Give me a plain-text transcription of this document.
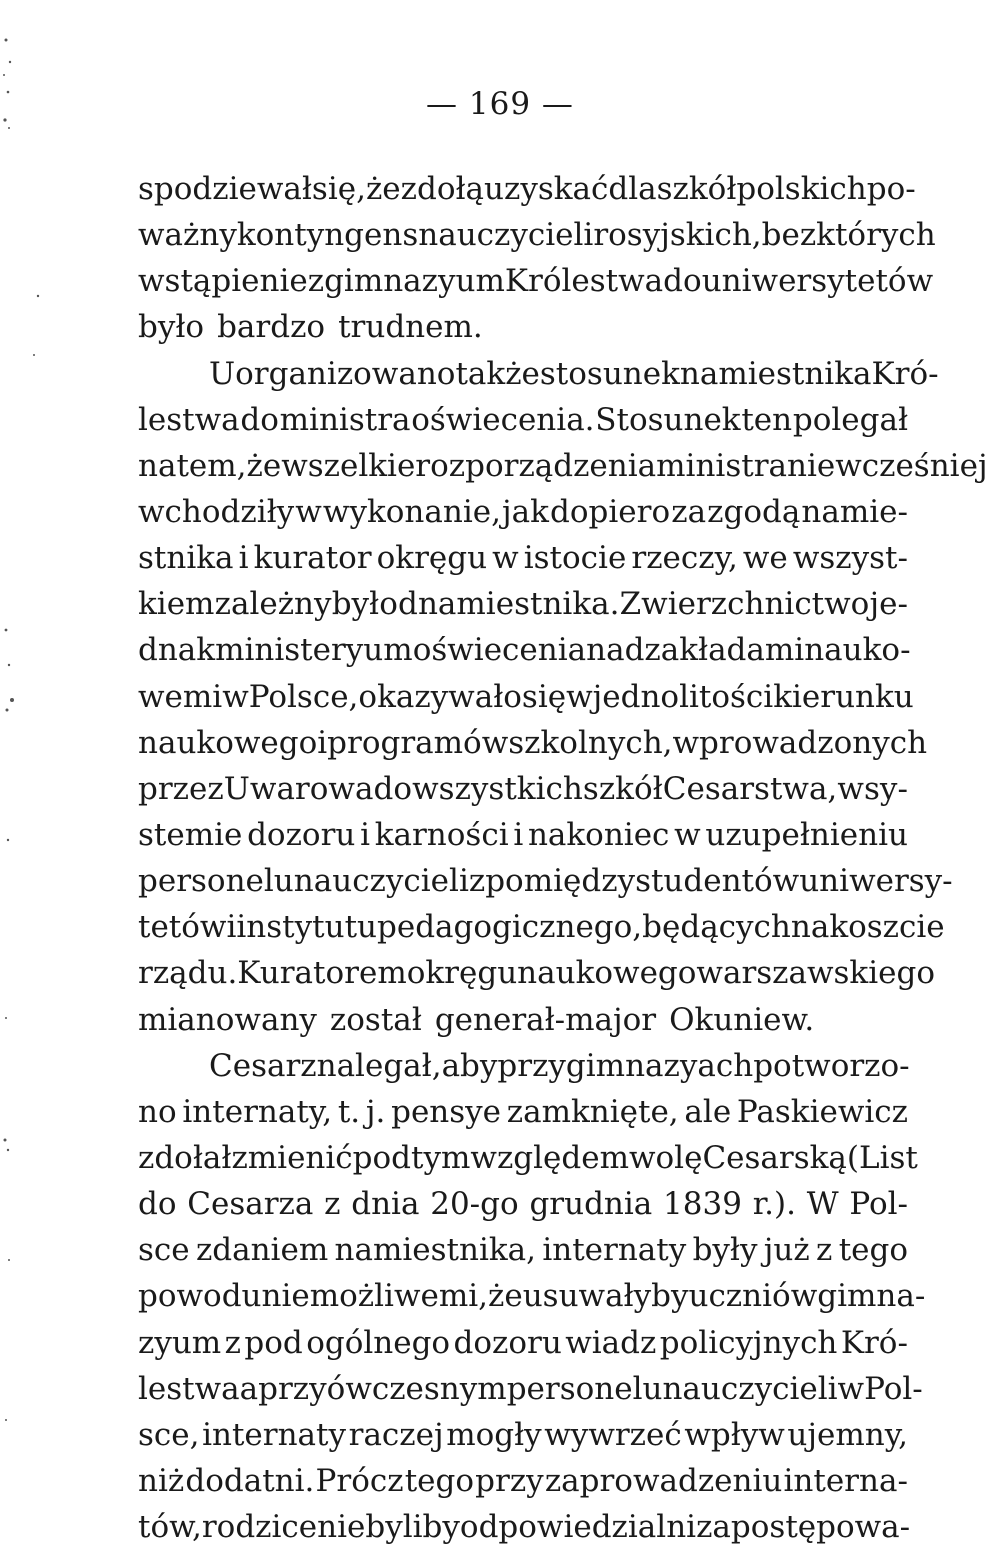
— 169 —
spodziewał się, że zdołą uzyskać dla szkół polskich po-
ważny kontyngens nauczycieli rosyjskich, bez których
wstąpienie z gimnazyum Królestwa do uniwersytetów
było bardzo trudnem.
Uorganizowano także stosunek namiestnika Kró-
lestwa do ministra oświecenia. Stosunek ten polegał
na tem, że wszelkie rozporządzenia ministra nie wcześniej
wchodziły w wykonanie, jak dopiero za zgodą namie-
stnika i kurator okręgu w istocie rzeczy, we wszyst-
kiem zależny był od namiestnika. Zwierzchnictwo je-
dnak ministeryum oświecenia nad zakładami nauko-
wemi w Polsce, okazywało się w jednolitości kierunku
naukowego i programów szkolnych, wprowadzonych
przez Uwarowa do wszystkich szkół Cesarstwa, w sy-
stemie dozoru i karności i nakoniec w uzupełnieniu
personelu nauczycieli z pomiędzy studentów uniwersy-
tetów i instytutu pedagogicznego, będących na koszcie
rządu. Kuratorem okręgu naukowego warszawskiego
mianowany został generał-major Okuniew.
Cesarz nalegał, aby przy gimnazyach potworzo-
no internaty, t. j. pensye zamknięte, ale Paskiewicz
zdołał zmienić pod tym względem wolę Cesarską (List
do Cesarza z dnia 20-go grudnia 1839 r.). W Pol-
sce zdaniem namiestnika, internaty były już z tego
powodu niemożliwemi, że usuwałyby uczniów gimna-
zyum z pod ogólnego dozoru wiadz policyjnych Kró-
lestwa a przy ówczesnym personelu nauczycieli w Pol-
sce, internaty raczej mogły wywrzeć wpływ ujemny,
niż dodatni. Prócz tego przy zaprowadzeniu interna-
tów, rodzice nie byliby odpowiedzialni za postępowa-
